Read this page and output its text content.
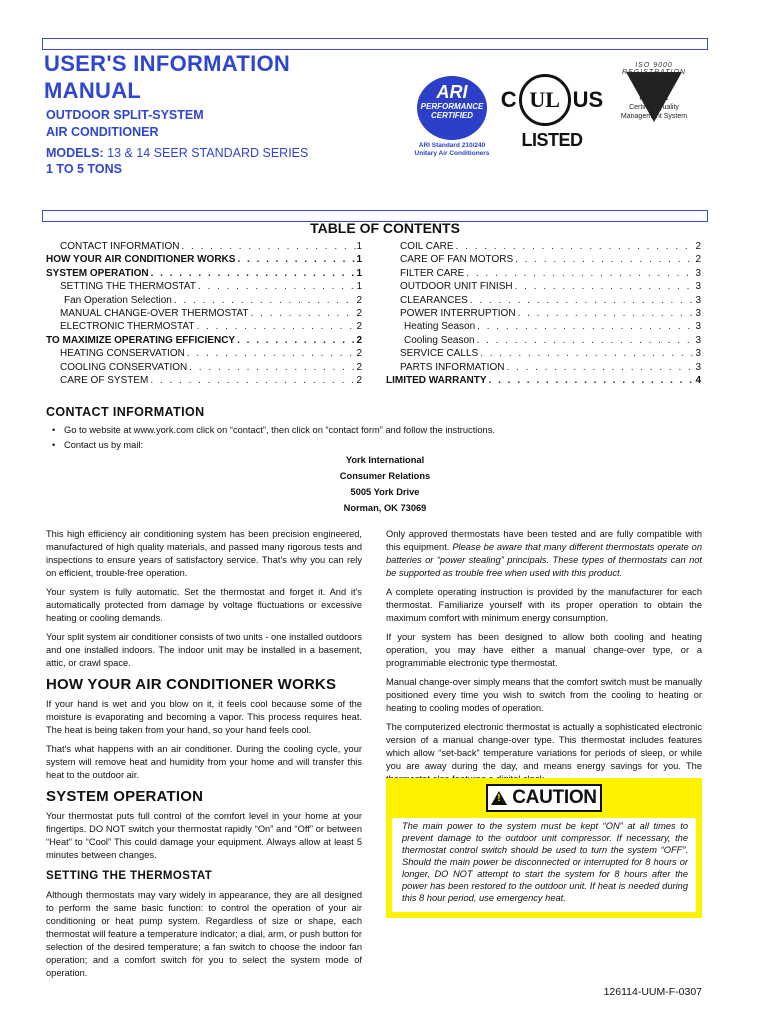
USER'S INFORMATION
MANUAL
OUTDOOR SPLIT-SYSTEM
AIR CONDITIONER
MODELS: 13 & 14 SEER STANDARD SERIES
1 TO 5 TONS
ARI
PERFORMANCE CERTIFIED
ARI Standard 210/240
Unitary Air Conditioners
C UL US
LISTED
ISO 9000 REGISTRATION
ISO 9001
Certified Quality
Management System
TABLE OF CONTENTS
CONTACT INFORMATION . . .	1
HOW YOUR AIR CONDITIONER WORKS . . .	1
SYSTEM OPERATION . . .	1
SETTING THE THERMOSTAT . . .	1
Fan Operation Selection . . .	2
MANUAL CHANGE-OVER THERMOSTAT . . .	2
ELECTRONIC THERMOSTAT . . .	2
TO MAXIMIZE OPERATING EFFICIENCY . . .	2
HEATING CONSERVATION . . .	2
COOLING CONSERVATION . . .	2
CARE OF SYSTEM . . .	2
COIL CARE . . .	2
CARE OF FAN MOTORS . . .	2
FILTER CARE . . .	3
OUTDOOR UNIT FINISH . . .	3
CLEARANCES . . .	3
POWER INTERRUPTION . . .	3
Heating Season . . .	3
Cooling Season . . .	3
SERVICE CALLS . . .	3
PARTS INFORMATION . . .	3
LIMITED WARRANTY . . .	4
CONTACT INFORMATION
• Go to website at www.york.com click on “contact”, then click on “contact form” and follow the instructions.
• Contact us by mail:
York International
Consumer Relations
5005 York Drive
Norman, OK 73069

This high efficiency air conditioning system has been precision engineered, manufactured of high quality materials, and passed many rigorous tests and inspections to ensure years of satisfactory service. That's why you can rely on efficient, trouble-free operation.

Your system is fully automatic. Set the thermostat and forget it. And it's automatically protected from damage by voltage fluctuations or excessive heating or cooling demands.

Your split system air conditioner consists of two units - one installed outdoors and one installed indoors. The indoor unit may be installed in a basement, attic, or crawl space.

HOW YOUR AIR CONDITIONER WORKS

If your hand is wet and you blow on it, it feels cool because some of the moisture is evaporating and becoming a vapor. This process requires heat. The heat is being taken from your hand, so your hand feels cool.

That's what happens with an air conditioner. During the cooling cycle, your system will remove heat and humidity from your home and will transfer this heat to the outdoor air.

SYSTEM OPERATION

Your thermostat puts full control of the comfort level in your home at your fingertips. DO NOT switch your thermostat rapidly “On” and “Off” or between “Heat” to “Cool” This could damage your equipment. Always allow at least 5 minutes between changes.

SETTING THE THERMOSTAT

Although thermostats may vary widely in appearance, they are all designed to perform the same basic function: to control the operation of your air conditioning or heat pump system. Regardless of size or shape, each thermostat will feature a temperature indicator; a dial, arm, or push button for selection of the desired temperature; a fan switch to choose the indoor fan operation; and a comfort switch for you to select the system mode of operation.

Only approved thermostats have been tested and are fully compatible with this equipment. Please be aware that many different thermostats operate on batteries or “power stealing” principals. These types of thermostats can not be supported as trouble free when used with this product.

A complete operating instruction is provided by the manufacturer for each thermostat. Familiarize yourself with its proper operation to obtain the maximum comfort with minimum energy consumption.

If your system has been designed to allow both cooling and heating operation, you may have either a manual change-over type, or a programmable electronic type thermostat.

Manual change-over simply means that the comfort switch must be manually positioned every time you wish to switch from the cooling to heating or heating to cooling modes of operation.

The computerized electronic thermostat is actually a sophisticated electronic version of a manual change-over type. This thermostat includes features which allow “set-back” temperature variations for periods of sleep, or while you are away during the day, and means energy savings for you. The

!
CAUTION
The main power to the system must be kept “ON” at all times to prevent damage to the outdoor unit compressor. If necessary, the thermostat control switch should be used to turn the system “OFF”. Should the main power be disconnected or interrupted for 8 hours or longer, DO NOT attempt to start the system for 8 hours after the power has been restored to the outdoor unit. If heat is needed during this 8 hour period, use emergency heat.
126114-UUM-F-0307
